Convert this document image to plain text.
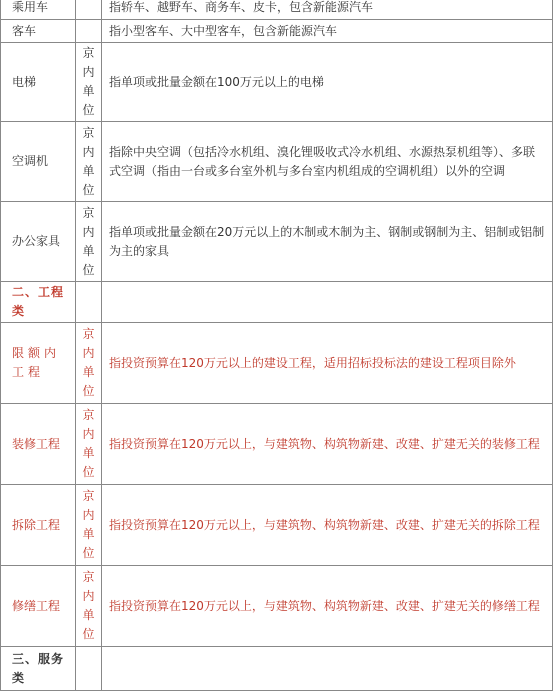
乘用车		指轿车、越野车、商务车、皮卡，包含新能源汽车
客车		指小型客车、大中型客车，包含新能源汽车
电梯	京内单位	指单项或批量金额在100万元以上的电梯
空调机	京内单位	指除中央空调（包括冷水机组、溴化锂吸收式冷水机组、水源热泵机组等）、多联式空调（指由一台或多台室外机与多台室内机组成的空调机组）以外的空调
办公家具	京内单位	指单项或批量金额在20万元以上的木制或木制为主、钢制或钢制为主、铝制或铝制为主的家具
二、工程类	

限额内工程	京内单位	指投资预算在120万元以上的建设工程，适用招标投标法的建设工程项目除外
装修工程	京内单位	指投资预算在120万元以上，与建筑物、构筑物新建、改建、扩建无关的装修工程
拆除工程	京内单位	指投资预算在120万元以上，与建筑物、构筑物新建、改建、扩建无关的拆除工程
修缮工程	京内单位	指投资预算在120万元以上，与建筑物、构筑物新建、改建、扩建无关的修缮工程
三、服务类	
